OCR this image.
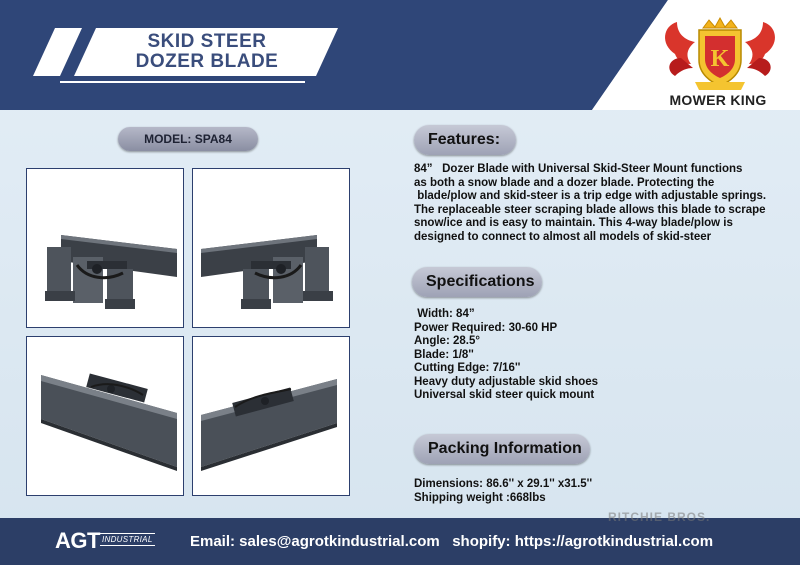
SKID STEER
DOZER BLADE	K
MOWER KING
MODEL: SPA84	Features:
84”   Dozer Blade with Universal Skid-Steer Mount functions
as both a snow blade and a dozer blade. Protecting the
blade/plow and skid-steer is a trip edge with adjustable springs.
The replaceable steer scraping blade allows this blade to scrape
snow/ice and is easy to maintain. This 4-way blade/plow is
designed to connect to almost all models of skid-steer
Specifications
Width: 84”
Power Required: 30-60 HP
Angle: 28.5°
Blade: 1/8''
Cutting Edge: 7/16''
Heavy duty adjustable skid shoes
Universal skid steer quick mount
Packing Information
Dimensions: 86.6'' x 29.1'' x31.5''
Shipping weight :668lbs
AGT INDUSTRIAL Email: sales@agrotkindustrial.com   shopify: https://agrotkindustrial.com
RITCHIE BROS.
